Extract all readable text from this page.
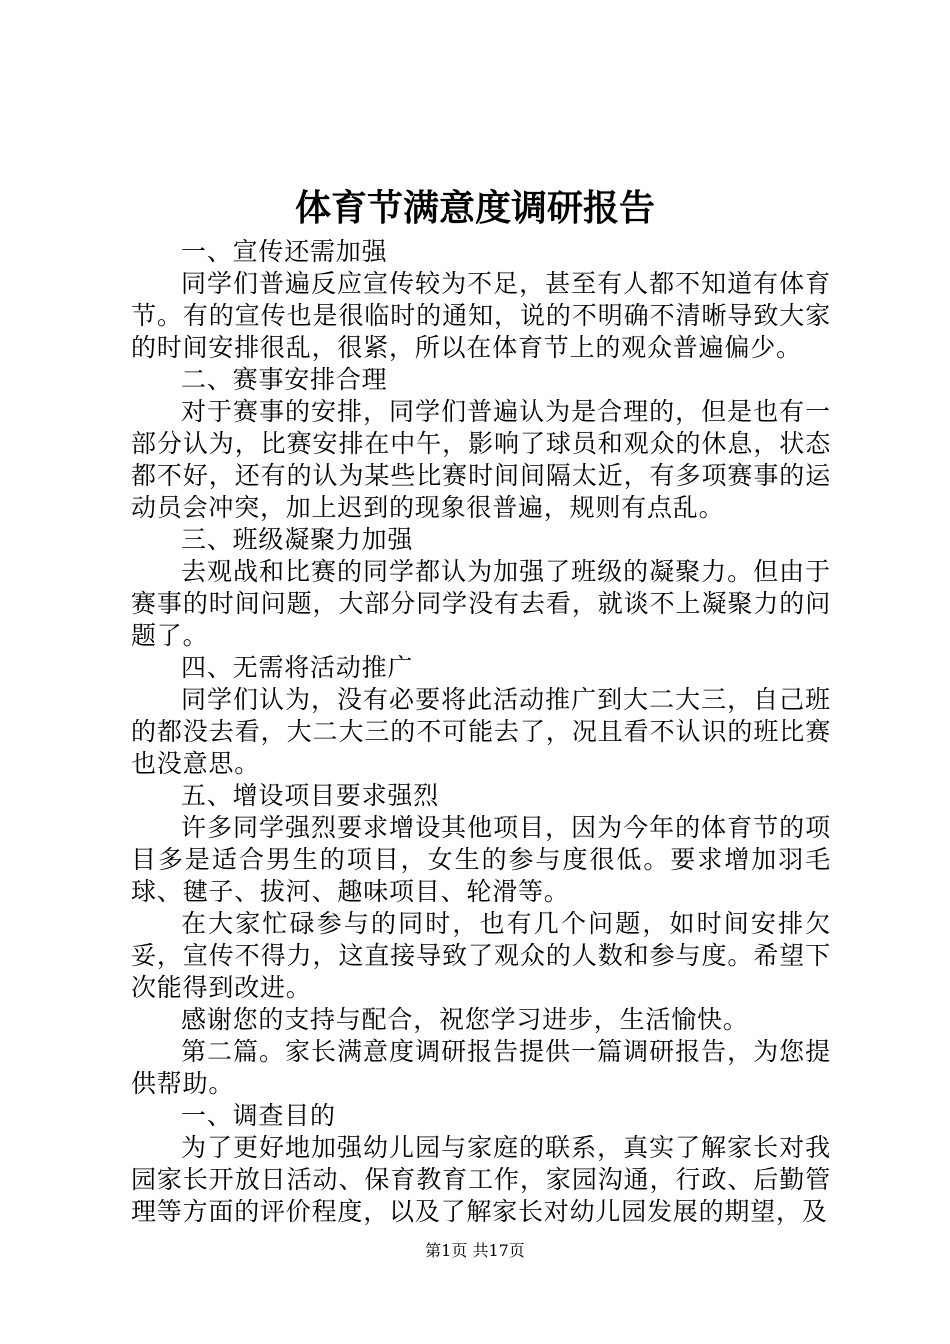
体育节满意度调研报告

一、宣传还需加强

同学们普遍反应宣传较为不足，甚至有人都不知道有体育节。有的宣传也是很临时的通知，说的不明确不清晰导致大家的时间安排很乱，很紧，所以在体育节上的观众普遍偏少。

二、赛事安排合理

对于赛事的安排，同学们普遍认为是合理的，但是也有一部分认为，比赛安排在中午，影响了球员和观众的休息，状态都不好，还有的认为某些比赛时间间隔太近，有多项赛事的运动员会冲突，加上迟到的现象很普遍，规则有点乱。

三、班级凝聚力加强

去观战和比赛的同学都认为加强了班级的凝聚力。但由于赛事的时间问题，大部分同学没有去看，就谈不上凝聚力的问题了。

四、无需将活动推广

同学们认为，没有必要将此活动推广到大二大三，自己班的都没去看，大二大三的不可能去了，况且看不认识的班比赛也没意思。

五、增设项目要求强烈

许多同学强烈要求增设其他项目，因为今年的体育节的项目多是适合男生的项目，女生的参与度很低。要求增加羽毛球、毽子、拔河、趣味项目、轮滑等。

在大家忙碌参与的同时，也有几个问题，如时间安排欠妥，宣传不得力，这直接导致了观众的人数和参与度。希望下次能得到改进。

感谢您的支持与配合，祝您学习进步，生活愉快。

第二篇。家长满意度调研报告提供一篇调研报告，为您提供帮助。

一、调查目的

为了更好地加强幼儿园与家庭的联系，真实了解家长对我园家长开放日活动、保育教育工作，家园沟通，行政、后勤管理等方面的评价程度，以及了解家长对幼儿园发展的期望，及

第1页 共17页
